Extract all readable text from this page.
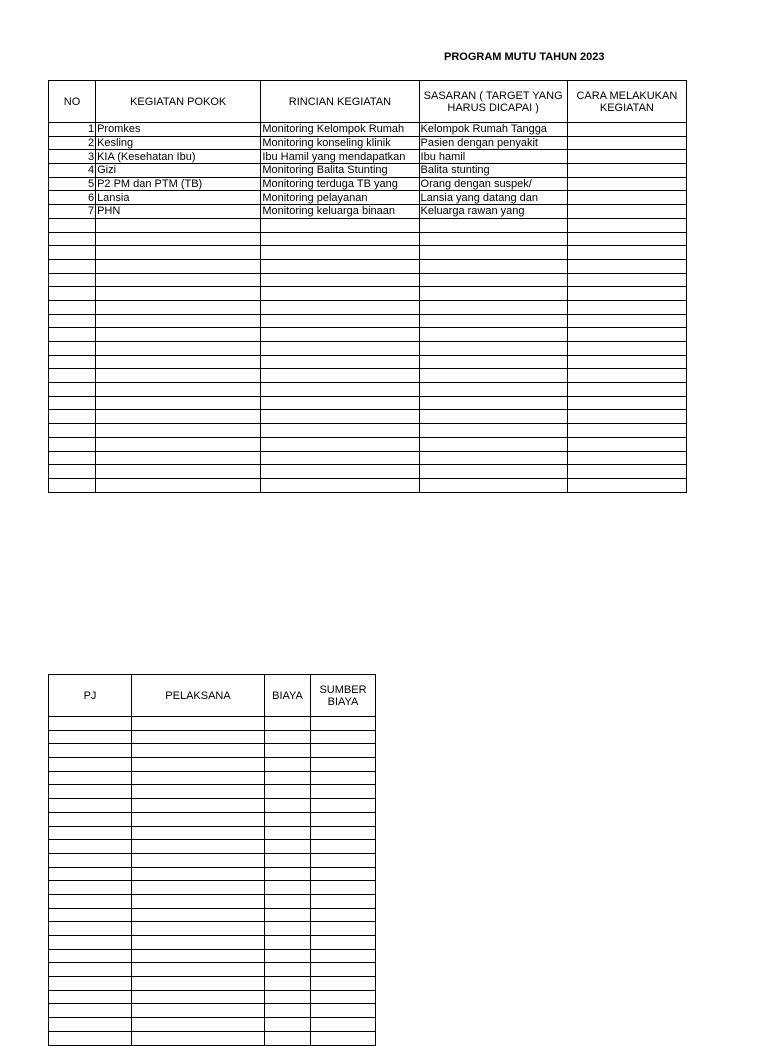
PROGRAM MUTU TAHUN 2023
NO	KEGIATAN POKOK	RINCIAN KEGIATAN	SASARAN ( TARGET YANG HARUS DICAPAI )	CARA MELAKUKAN KEGIATAN
1	Promkes	Monitoring Kelompok Rumah	Kelompok Rumah Tangga	
2	Kesling	Monitoring konseling klinik	Pasien dengan penyakit	
3	KIA (Kesehatan Ibu)	Ibu Hamil yang mendapatkan	Ibu hamil	
4	Gizi	Monitoring Balita Stunting	Balita stunting	
5	P2 PM dan PTM (TB)	Monitoring terduga TB yang	Orang dengan suspek/	
6	Lansia	Monitoring pelayanan	Lansia yang datang dan	
7	PHN	Monitoring keluarga binaan	Keluarga rawan yang	

PJ	PELAKSANA	BIAYA	SUMBER BIAYA
